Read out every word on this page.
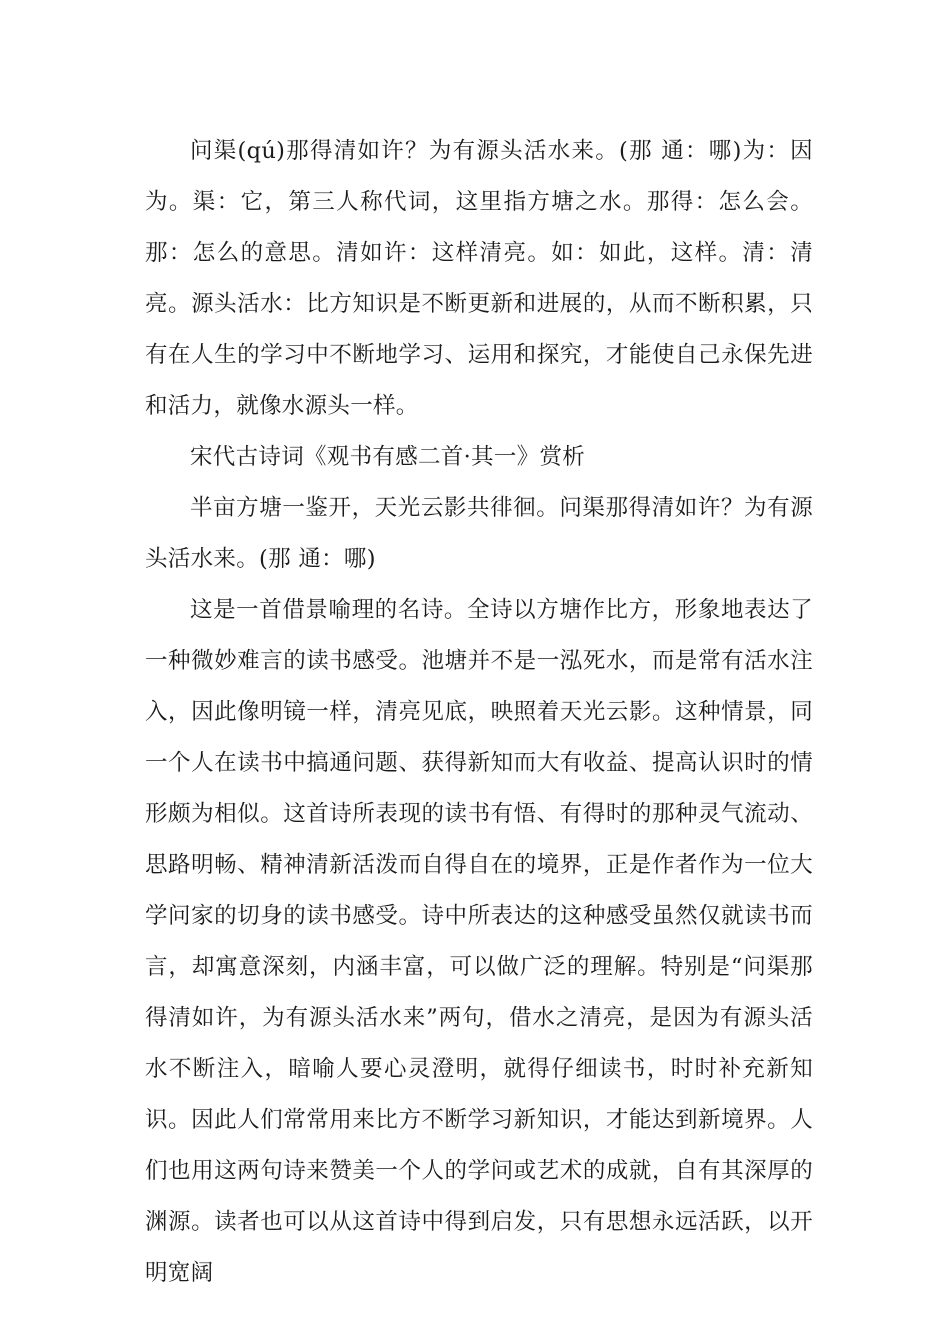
问渠(qú)那得清如许？为有源头活水来。(那 通：哪)为：因为。渠：它，第三人称代词，这里指方塘之水。那得：怎么会。那：怎么的意思。清如许：这样清亮。如：如此，这样。清：清亮。源头活水：比方知识是不断更新和进展的，从而不断积累，只有在人生的学习中不断地学习、运用和探究，才能使自己永保先进和活力，就像水源头一样。

宋代古诗词《观书有感二首·其一》赏析

半亩方塘一鉴开，天光云影共徘徊。问渠那得清如许？为有源头活水来。(那 通：哪)

这是一首借景喻理的名诗。全诗以方塘作比方，形象地表达了一种微妙难言的读书感受。池塘并不是一泓死水，而是常有活水注入，因此像明镜一样，清亮见底，映照着天光云影。这种情景，同一个人在读书中搞通问题、获得新知而大有收益、提高认识时的情形颇为相似。这首诗所表现的读书有悟、有得时的那种灵气流动、思路明畅、精神清新活泼而自得自在的境界，正是作者作为一位大学问家的切身的读书感受。诗中所表达的这种感受虽然仅就读书而言，却寓意深刻，内涵丰富，可以做广泛的理解。特别是“问渠那得清如许，为有源头活水来”两句，借水之清亮，是因为有源头活水不断注入，暗喻人要心灵澄明，就得仔细读书，时时补充新知识。因此人们常常用来比方不断学习新知识，才能达到新境界。人们也用这两句诗来赞美一个人的学问或艺术的成就，自有其深厚的渊源。读者也可以从这首诗中得到启发，只有思想永远活跃，以开明宽阔
